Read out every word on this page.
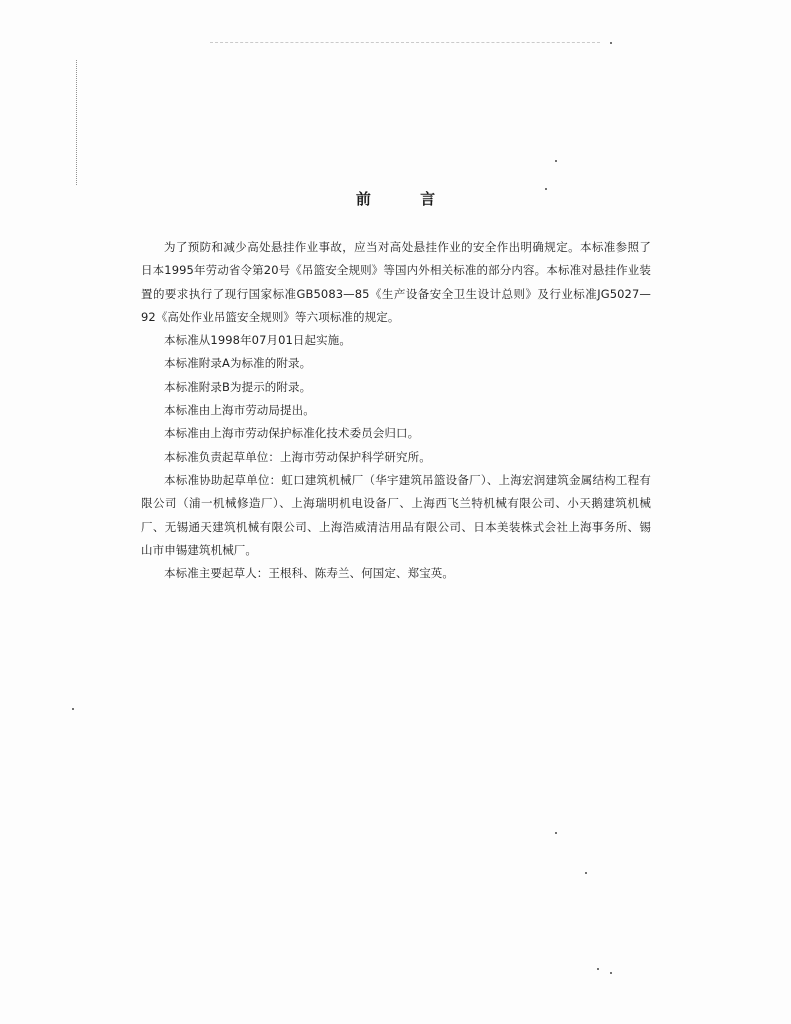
前 言

为了预防和减少高处悬挂作业事故，应当对高处悬挂作业的安全作出明确规定。本标准参照了日本1995年劳动省令第20号《吊篮安全规则》等国内外相关标准的部分内容。本标准对悬挂作业装置的要求执行了现行国家标准GB5083—85《生产设备安全卫生设计总则》及行业标准JG5027—92《高处作业吊篮安全规则》等六项标准的规定。

本标准从1998年07月01日起实施。

本标准附录A为标准的附录。

本标准附录B为提示的附录。

本标准由上海市劳动局提出。

本标准由上海市劳动保护标准化技术委员会归口。

本标准负责起草单位：上海市劳动保护科学研究所。

本标准协助起草单位：虹口建筑机械厂（华宇建筑吊篮设备厂）、上海宏润建筑金属结构工程有限公司（浦一机械修造厂）、上海瑞明机电设备厂、上海西飞兰特机械有限公司、小天鹅建筑机械厂、无锡通天建筑机械有限公司、上海浩威清洁用品有限公司、日本美装株式会社上海事务所、锡山市申锡建筑机械厂。

本标准主要起草人：王根科、陈寿兰、何国定、郑宝英。
